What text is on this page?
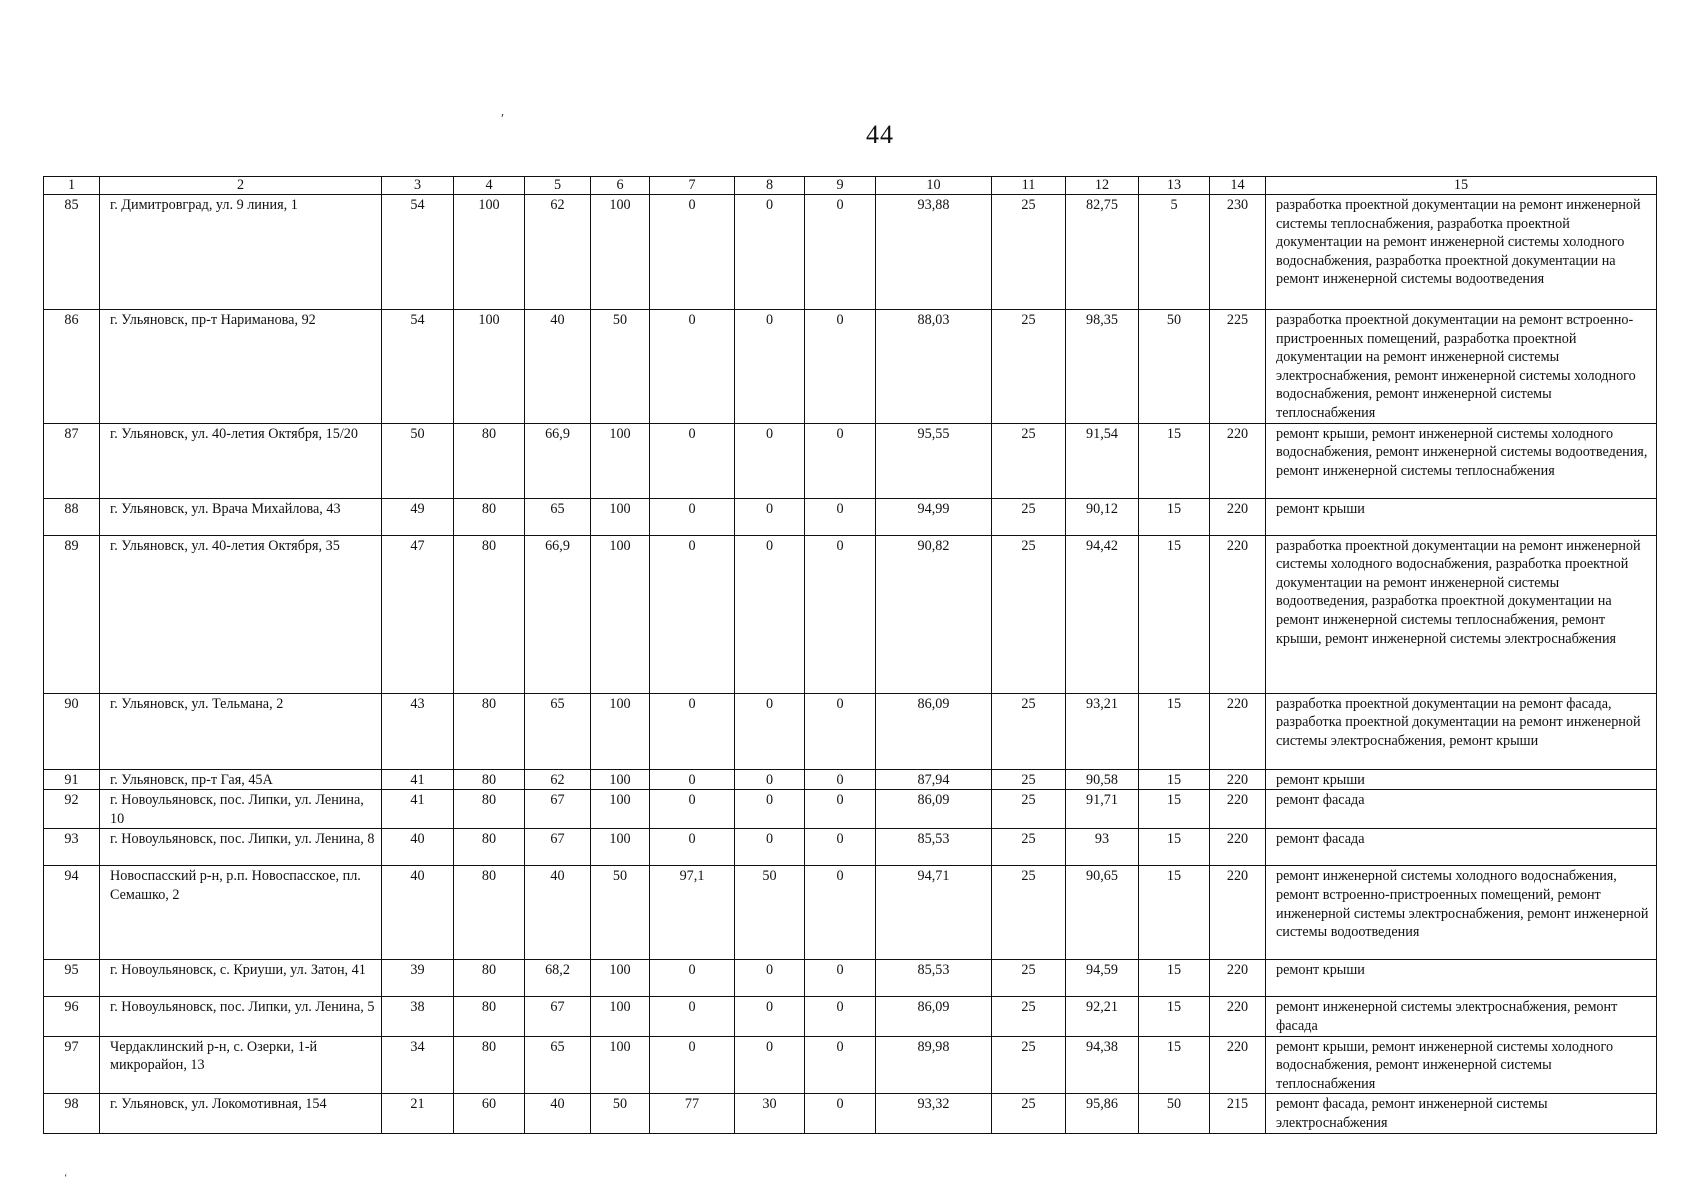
44
′
‘
1	2	3	4	5	6	7	8	9	10	11	12	13	14	15
85	г. Димитровград, ул. 9 линия, 1	54	100	62	100	0	0	0	93,88	25	82,75	5	230	разработка проектной документации на ремонт инженерной системы теплоснабжения, разработка проектной документации на ремонт инженерной системы холодного водоснабжения, разработка проектной документации на ремонт инженерной системы водоотведения
86	г. Ульяновск, пр-т Нариманова, 92	54	100	40	50	0	0	0	88,03	25	98,35	50	225	разработка проектной документации на ремонт встроенно-пристроенных помещений, разработка проектной документации на ремонт инженерной системы электроснабжения, ремонт инженерной системы холодного водоснабжения, ремонт инженерной системы теплоснабжения
87	г. Ульяновск, ул. 40-летия Октября, 15/20	50	80	66,9	100	0	0	0	95,55	25	91,54	15	220	ремонт крыши, ремонт инженерной системы холодного водоснабжения, ремонт инженерной системы водоотведения, ремонт инженерной системы теплоснабжения
88	г. Ульяновск, ул. Врача Михайлова, 43	49	80	65	100	0	0	0	94,99	25	90,12	15	220	ремонт крыши
89	г. Ульяновск, ул. 40-летия Октября, 35	47	80	66,9	100	0	0	0	90,82	25	94,42	15	220	разработка проектной документации на ремонт инженерной системы холодного водоснабжения, разработка проектной документации на ремонт инженерной системы водоотведения, разработка проектной документации на ремонт инженерной системы теплоснабжения, ремонт крыши, ремонт инженерной системы электроснабжения
90	г. Ульяновск, ул. Тельмана, 2	43	80	65	100	0	0	0	86,09	25	93,21	15	220	разработка проектной документации на ремонт фасада, разработка проектной документации на ремонт инженерной системы электроснабжения, ремонт крыши
91	г. Ульяновск, пр-т Гая, 45А	41	80	62	100	0	0	0	87,94	25	90,58	15	220	ремонт крыши
92	г. Новоульяновск, пос. Липки, ул. Ленина, 10	41	80	67	100	0	0	0	86,09	25	91,71	15	220	ремонт фасада
93	г. Новоульяновск, пос. Липки, ул. Ленина, 8	40	80	67	100	0	0	0	85,53	25	93	15	220	ремонт фасада
94	Новоспасский р-н, р.п. Новоспасское, пл. Семашко, 2	40	80	40	50	97,1	50	0	94,71	25	90,65	15	220	ремонт инженерной системы холодного водоснабжения, ремонт встроенно-пристроенных помещений, ремонт инженерной системы электроснабжения, ремонт инженерной системы водоотведения
95	г. Новоульяновск, с. Криуши, ул. Затон, 41	39	80	68,2	100	0	0	0	85,53	25	94,59	15	220	ремонт крыши
96	г. Новоульяновск, пос. Липки, ул. Ленина, 5	38	80	67	100	0	0	0	86,09	25	92,21	15	220	ремонт инженерной системы электроснабжения, ремонт фасада
97	Чердаклинский р-н, с. Озерки, 1-й микрорайон, 13	34	80	65	100	0	0	0	89,98	25	94,38	15	220	ремонт крыши, ремонт инженерной системы холодного водоснабжения, ремонт инженерной системы теплоснабжения
98	г. Ульяновск, ул. Локомотивная, 154	21	60	40	50	77	30	0	93,32	25	95,86	50	215	ремонт фасада, ремонт инженерной системы электроснабжения
